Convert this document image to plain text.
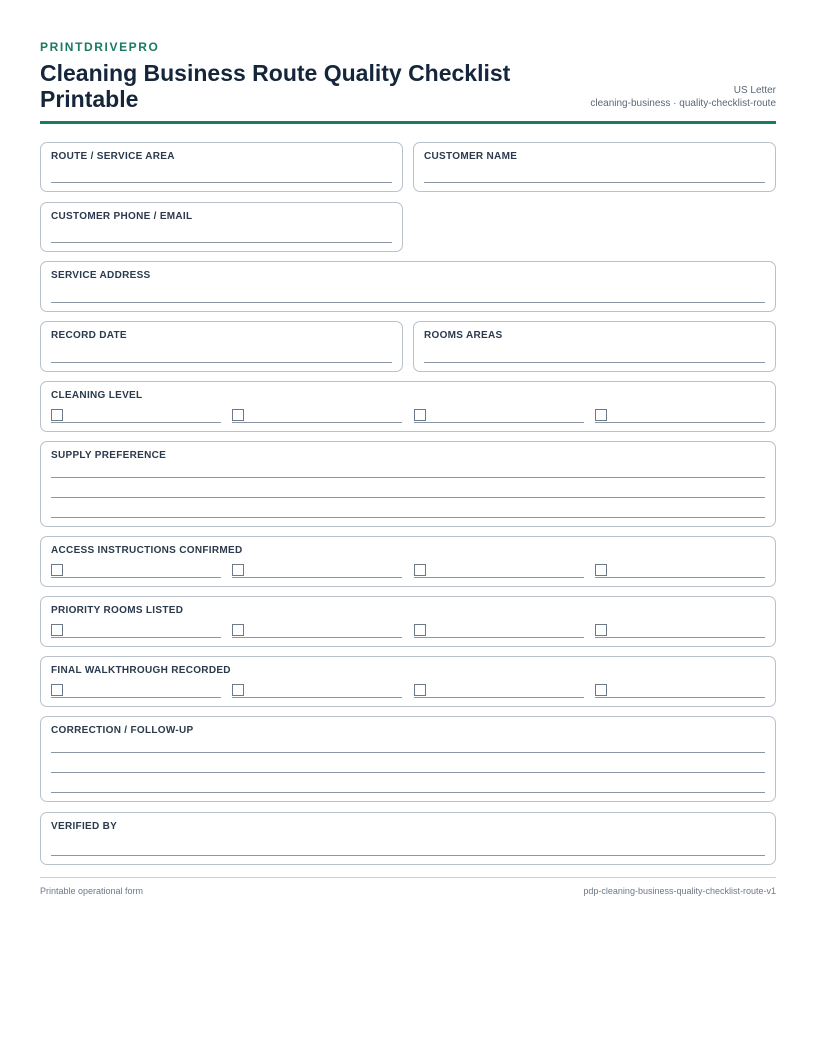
PRINTDRIVEPRO
Cleaning Business Route Quality Checklist Printable	US Letter
cleaning-business · quality-checklist-route
ROUTE / SERVICE AREA	CUSTOMER NAME
CUSTOMER PHONE / EMAIL
SERVICE ADDRESS
RECORD DATE	ROOMS AREAS
CLEANING LEVEL
SUPPLY PREFERENCE
ACCESS INSTRUCTIONS CONFIRMED
PRIORITY ROOMS LISTED
FINAL WALKTHROUGH RECORDED
CORRECTION / FOLLOW-UP
VERIFIED BY
Printable operational form	pdp-cleaning-business-quality-checklist-route-v1
